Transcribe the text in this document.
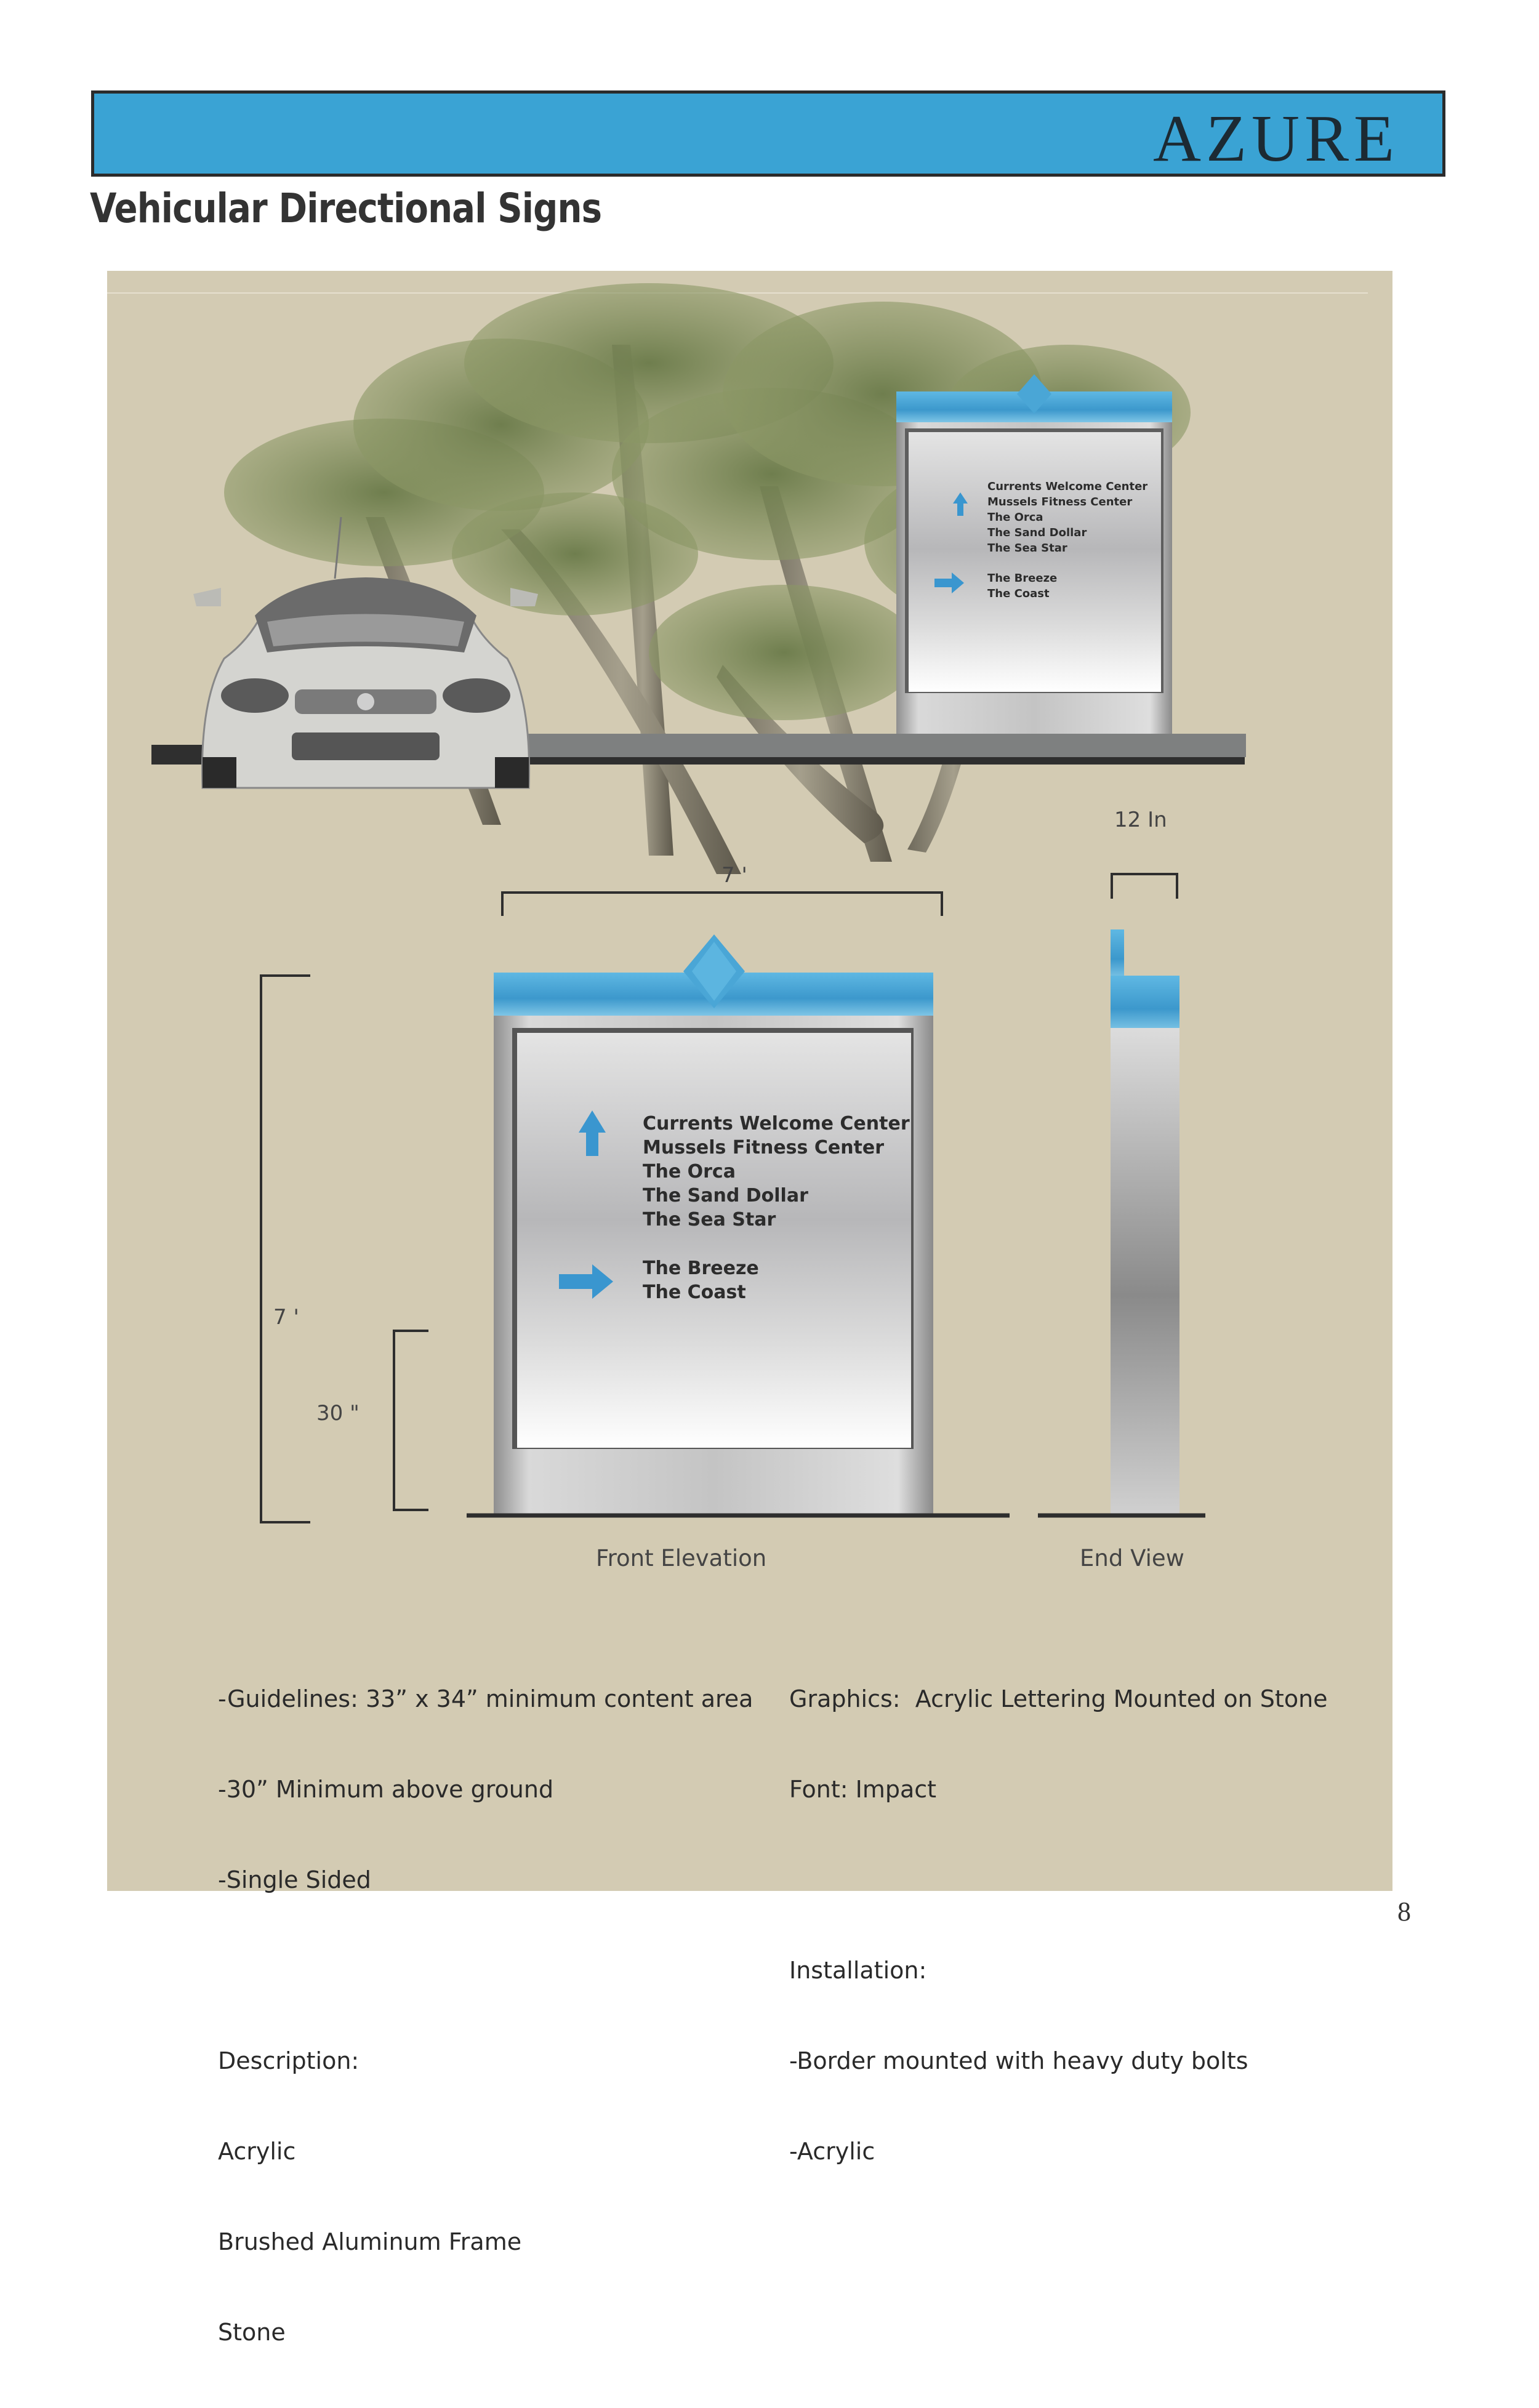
AZURE
Vehicular Directional Signs
Currents Welcome Center
Mussels Fitness Center
The Orca
The Sand Dollar
The Sea Star
The Breeze
The Coast
Currents Welcome Center
Mussels Fitness Center
The Orca
The Sand Dollar
The Sea Star
The Breeze
The Coast
7 '
7 '
30 "
12 In
Front Elevation	End View

-Guidelines: 33” x 34” minimum content area

-30” Minimum above ground

-Single Sided

Description:

Acrylic

Brushed Aluminum Frame

Stone

Graphics:  Acrylic Lettering Mounted on Stone

Font: Impact

Installation:

-Border mounted with heavy duty bolts

-Acrylic

8
